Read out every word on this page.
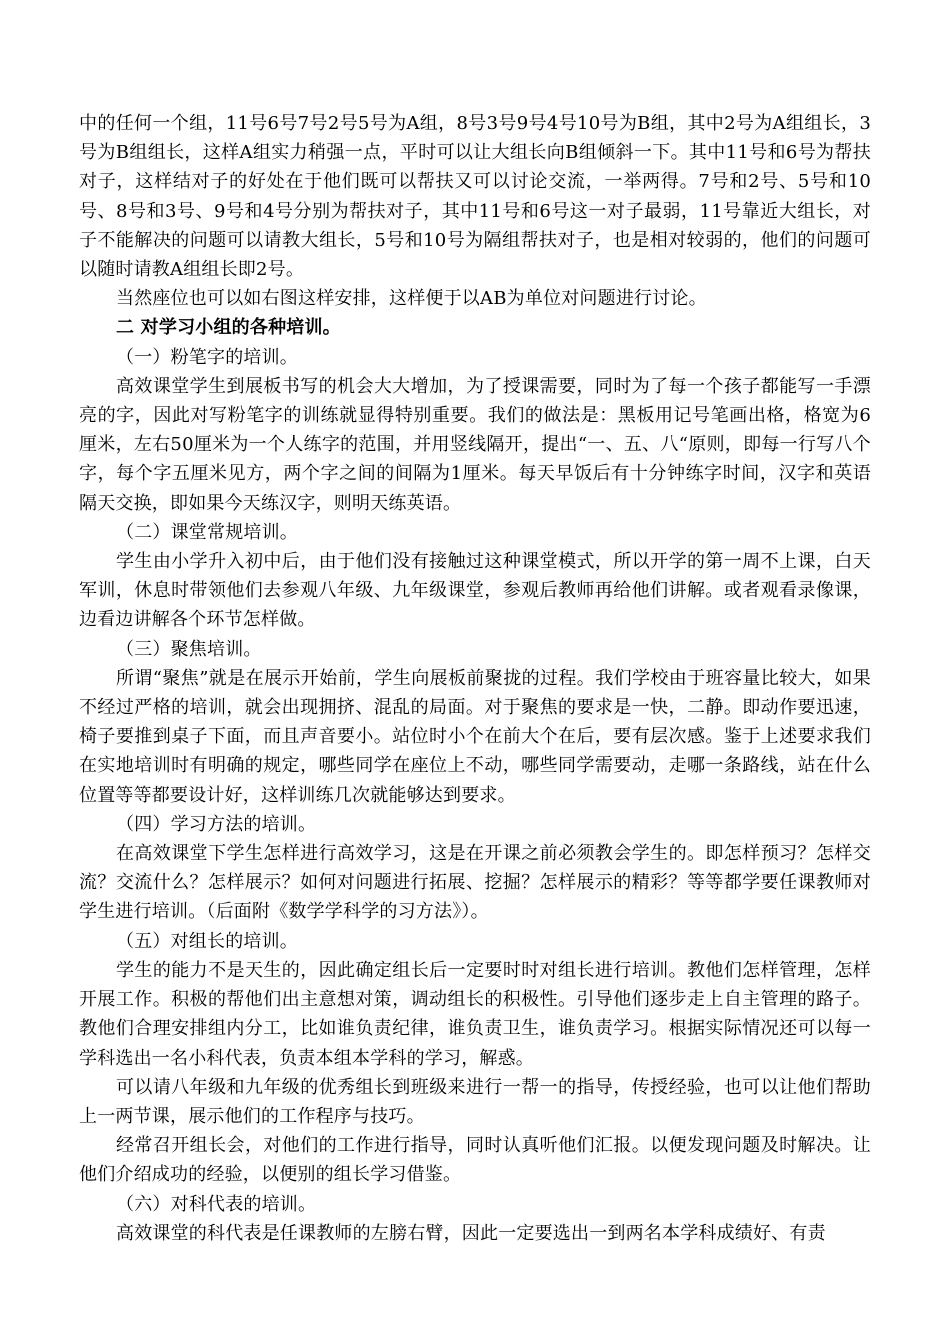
中的任何一个组，11号6号7号2号5号为A组，8号3号9号4号10号为B组，其中2号为A组组长，3号为B组组长，这样A组实力稍强一点，平时可以让大组长向B组倾斜一下。其中11号和6号为帮扶对子，这样结对子的好处在于他们既可以帮扶又可以讨论交流，一举两得。7号和2号、5号和10号、8号和3号、9号和4号分别为帮扶对子，其中11号和6号这一对子最弱，11号靠近大组长，对子不能解决的问题可以请教大组长，5号和10号为隔组帮扶对子，也是相对较弱的，他们的问题可以随时请教A组组长即2号。

当然座位也可以如右图这样安排，这样便于以AB为单位对问题进行讨论。

二 对学习小组的各种培训。

（一）粉笔字的培训。

高效课堂学生到展板书写的机会大大增加，为了授课需要，同时为了每一个孩子都能写一手漂亮的字，因此对写粉笔字的训练就显得特别重要。我们的做法是：黑板用记号笔画出格，格宽为6厘米，左右50厘米为一个人练字的范围，并用竖线隔开，提出“一、五、八“原则，即每一行写八个字，每个字五厘米见方，两个字之间的间隔为1厘米。每天早饭后有十分钟练字时间，汉字和英语隔天交换，即如果今天练汉字，则明天练英语。

（二）课堂常规培训。

学生由小学升入初中后，由于他们没有接触过这种课堂模式，所以开学的第一周不上课，白天军训，休息时带领他们去参观八年级、九年级课堂，参观后教师再给他们讲解。或者观看录像课，边看边讲解各个环节怎样做。

（三）聚焦培训。

所谓“聚焦”就是在展示开始前，学生向展板前聚拢的过程。我们学校由于班容量比较大，如果不经过严格的培训，就会出现拥挤、混乱的局面。对于聚焦的要求是一快，二静。即动作要迅速，椅子要推到桌子下面，而且声音要小。站位时小个在前大个在后，要有层次感。鉴于上述要求我们在实地培训时有明确的规定，哪些同学在座位上不动，哪些同学需要动，走哪一条路线，站在什么位置等等都要设计好，这样训练几次就能够达到要求。

（四）学习方法的培训。

在高效课堂下学生怎样进行高效学习，这是在开课之前必须教会学生的。即怎样预习？怎样交流？交流什么？怎样展示？如何对问题进行拓展、挖掘？怎样展示的精彩？等等都学要任课教师对学生进行培训。（后面附《数学学科学的习方法》）。

（五）对组长的培训。

学生的能力不是天生的，因此确定组长后一定要时时对组长进行培训。教他们怎样管理，怎样开展工作。积极的帮他们出主意想对策，调动组长的积极性。引导他们逐步走上自主管理的路子。教他们合理安排组内分工，比如谁负责纪律，谁负责卫生，谁负责学习。根据实际情况还可以每一学科选出一名小科代表，负责本组本学科的学习，解惑。

可以请八年级和九年级的优秀组长到班级来进行一帮一的指导，传授经验，也可以让他们帮助上一两节课，展示他们的工作程序与技巧。

经常召开组长会，对他们的工作进行指导，同时认真听他们汇报。以便发现问题及时解决。让他们介绍成功的经验，以便别的组长学习借鉴。

（六）对科代表的培训。

高效课堂的科代表是任课教师的左膀右臂，因此一定要选出一到两名本学科成绩好、有责
